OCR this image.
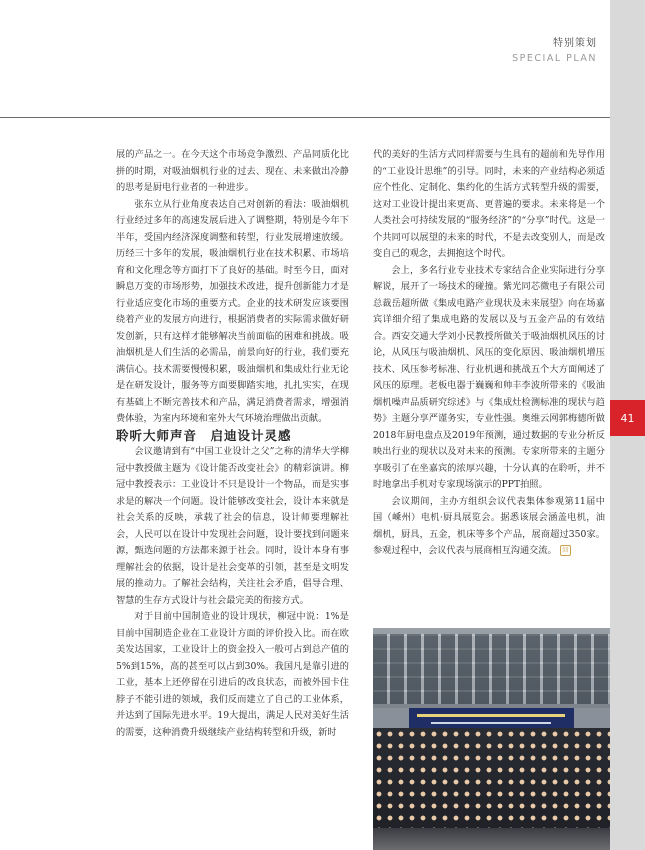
特别策划
SPECIAL PLAN
41

展的产品之一。在今天这个市场竞争激烈、产品同质化比拼的时期，对吸油烟机行业的过去、现在、未来做出冷静的思考是厨电行业者的一种进步。

张东立从行业角度表达自己对创新的看法：吸油烟机行业经过多年的高速发展后进入了调整期，特别是今年下半年，受国内经济深度调整和转型，行业发展增速放缓。历经三十多年的发展，吸油烟机行业在技术积累、市场培育和文化理念等方面打下了良好的基础。时至今日，面对瞬息万变的市场形势，加强技术改进，提升创新能力才是行业适应变化市场的重要方式。企业的技术研发应该要围绕着产业的发展方向进行，根据消费者的实际需求做好研发创新，只有这样才能够解决当前面临的困难和挑战。吸油烟机是人们生活的必需品，前景向好的行业，我们要充满信心。技术需要慢慢积累，吸油烟机和集成灶行业无论是在研发设计，服务等方面要脚踏实地，扎扎实实，在现有基础上不断完善技术和产品，满足消费者需求，增强消费体验，为室内环境和室外大气环境治理做出贡献。

聆听大师声音　启迪设计灵感

会议邀请到有“中国工业设计之父”之称的清华大学柳冠中教授做主题为《设计能否改变社会》的精彩演讲。柳冠中教授表示：工业设计不只是设计一个物品，而是实事求是的解决一个问题。设计能够改变社会，设计本来就是社会关系的反映，承载了社会的信息，设计师要理解社会，人民可以在设计中发现社会问题，设计要找到问题来源，甄选问题的方法都来源于社会。同时，设计本身有事理解社会的依据，设计是社会变革的引领，甚至是文明发展的推动力。了解社会结构，关注社会矛盾，倡导合理、智慧的生存方式设计与社会最完美的衔接方式。

对于目前中国制造业的设计现状，柳冠中说：1%是目前中国制造企业在工业设计方面的评价投入比。而在欧美发达国家，工业设计上的资金投入一般可占到总产值的5%到15%，高的甚至可以占到30%。我国凡是靠引进的工业，基本上还停留在引进后的改良状态，而被外国卡住脖子不能引进的领域，我们反而建立了自己的工业体系，并达到了国际先进水平。19大提出，满足人民对美好生活的需要，这种消费升级继续产业结构转型和升级，新时

代的美好的生活方式同样需要与生具有的超前和先导作用的“工业设计思维”的引导。同时，未来的产业结构必须适应个性化、定制化、集约化的生活方式转型升级的需要，这对工业设计提出来更高、更普遍的要求。未来将是一个人类社会可持续发展的“服务经济”的“分享”时代。这是一个共同可以展望的未来的时代，不是去改变别人，而是改变自己的观念，去拥抱这个时代。

会上，多名行业专业技术专家结合企业实际进行分享解说，展开了一场技术的碰撞。紫光同芯微电子有限公司总裁岳超所做《集成电路产业现状及未来展望》向在场嘉宾详细介绍了集成电路的发展以及与五金产品的有效结合。西安交通大学刘小民教授所做关于吸油烟机风压的讨论，从风压与吸油烟机、风压的变化原因、吸油烟机增压技术、风压参考标准、行业机遇和挑战五个大方面阐述了风压的原理。老板电器于巍巍和帅丰李波所带来的《吸油烟机噪声品质研究综述》与《集成灶检测标准的现状与趋势》主题分享严谨务实，专业性强。奥维云网郭梅德所做2018年厨电盘点及2019年预测，通过数据的专业分析反映出行业的现状以及对未来的预测。专家所带来的主题分享吸引了在坐嘉宾的浓厚兴趣，十分认真的在聆听，并不时地拿出手机对专家现场演示的PPT拍照。

会议期间，主办方组织会议代表集体参观第11届中国（嵊州）电机·厨具展览会。据悉该展会涵盖电机，油烟机，厨具，五金，机床等多个产品，展商超过350家。参观过程中，会议代表与展商相互沟通交流。 回
